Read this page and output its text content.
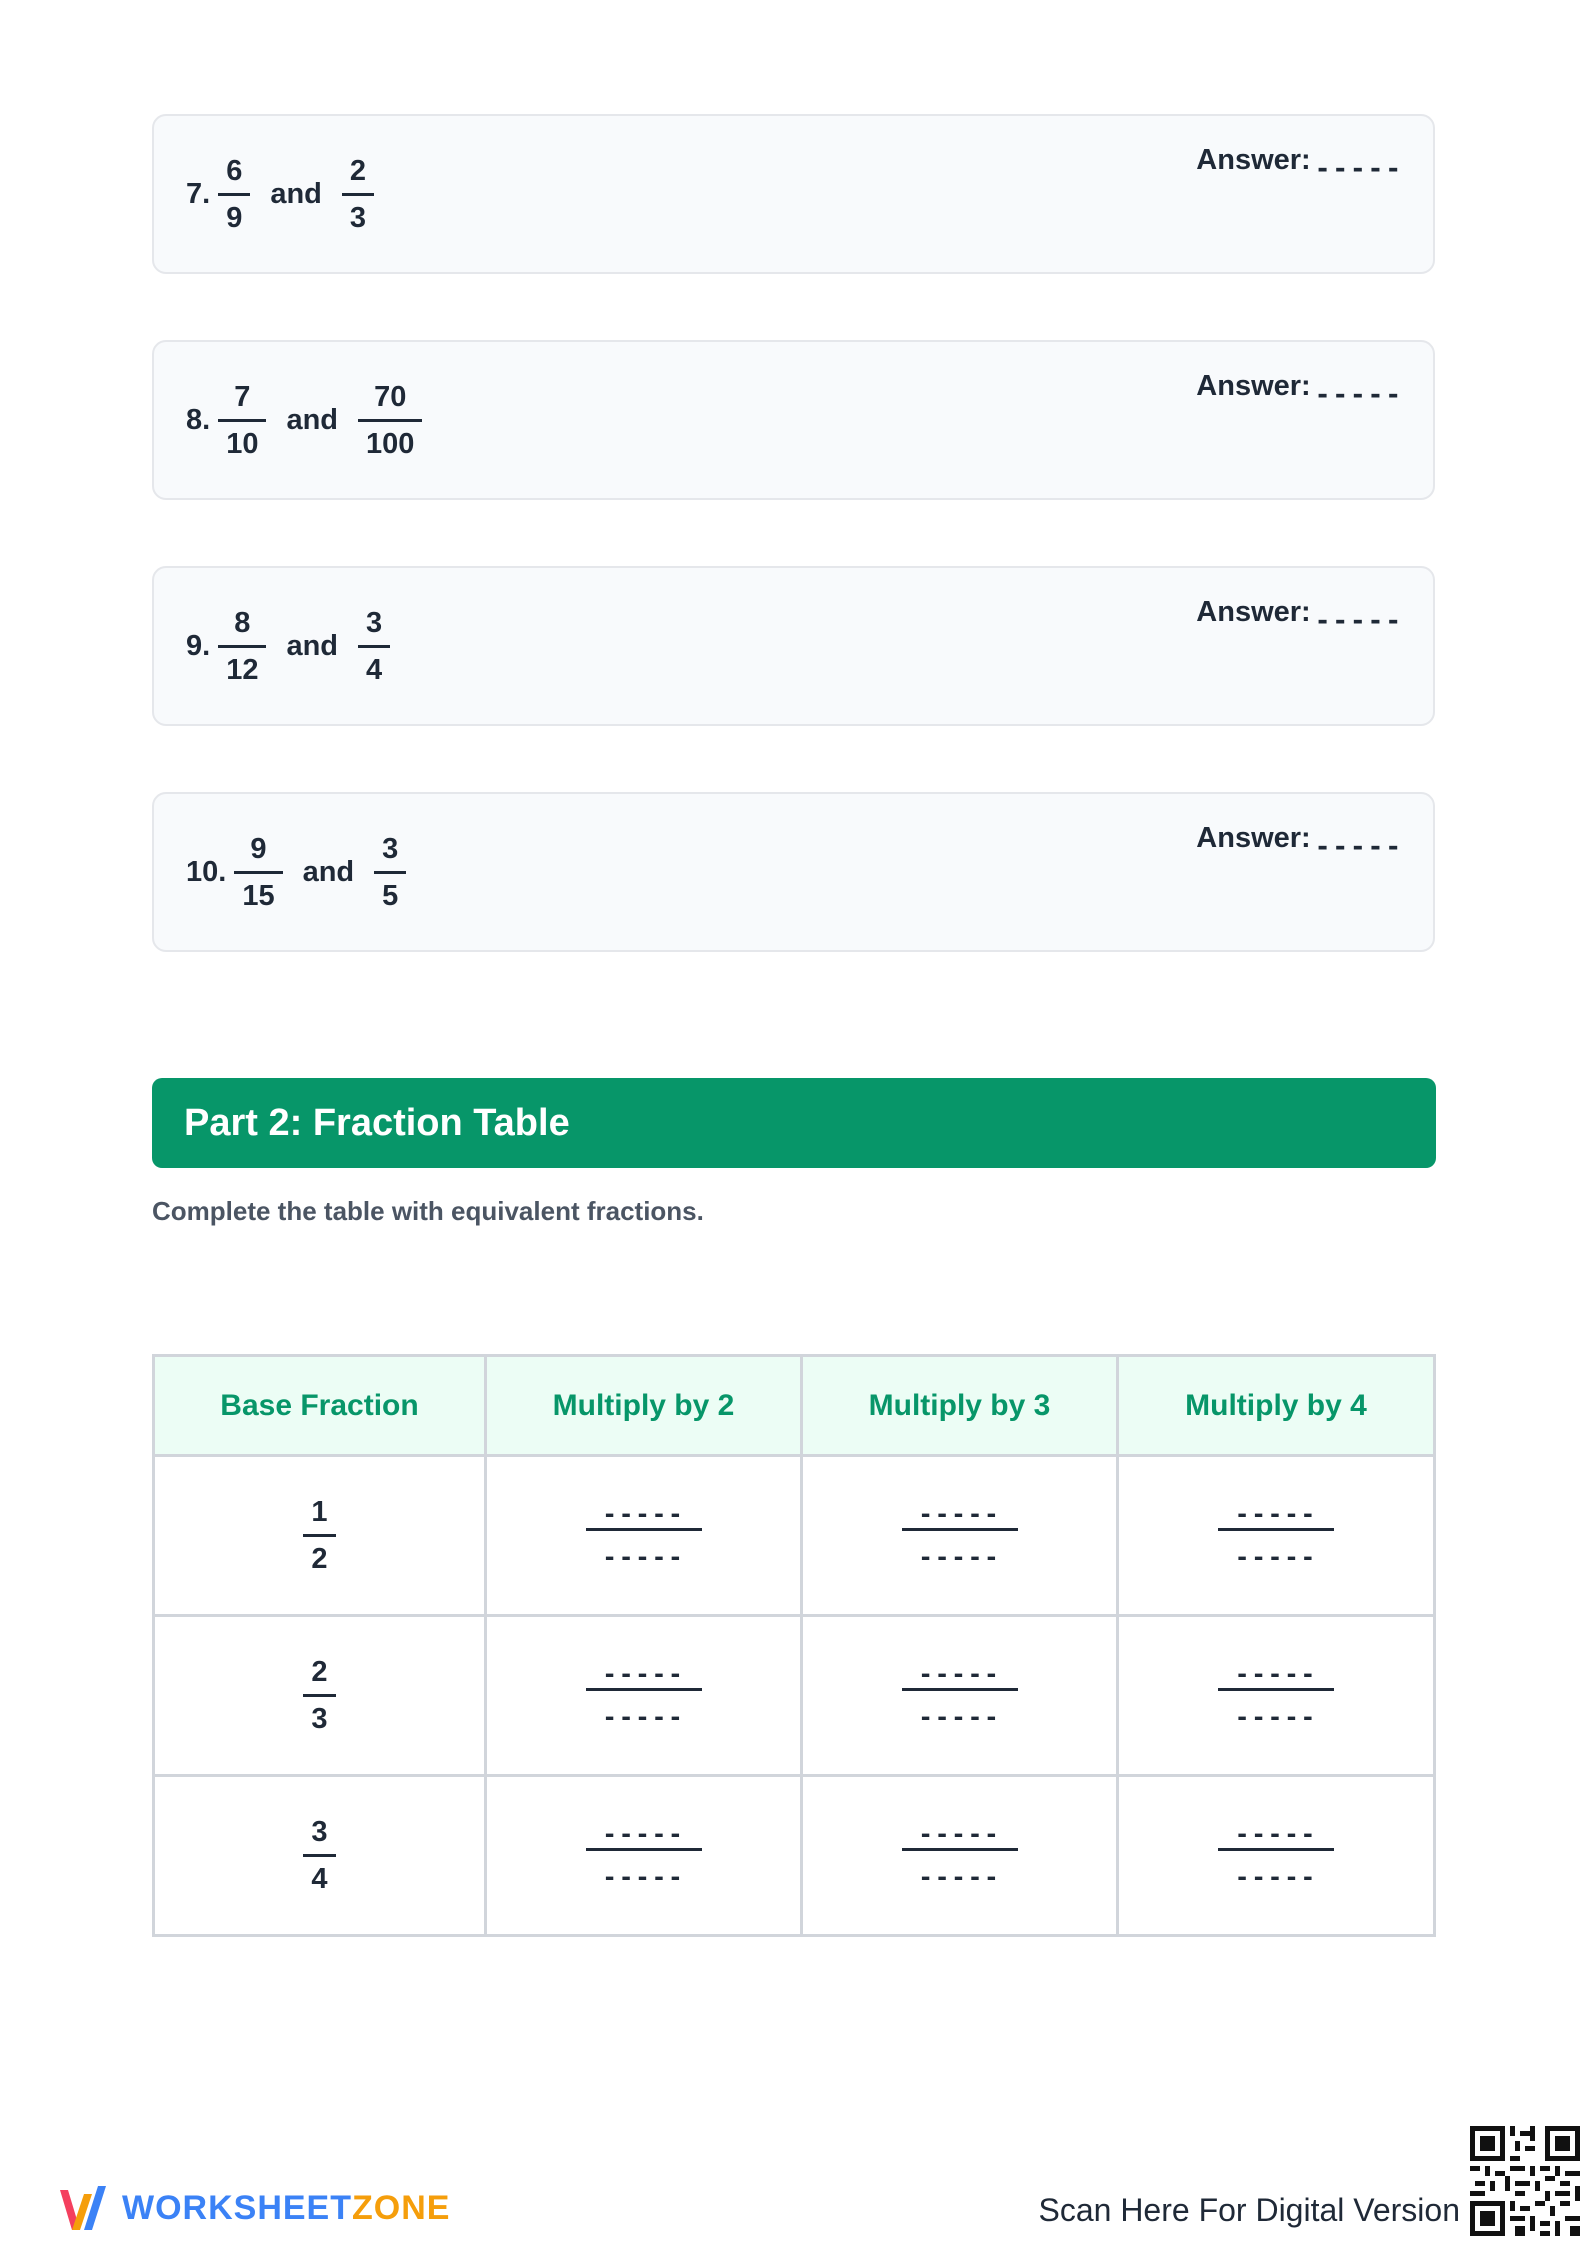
7. $\frac{6}{9}$ and $\frac{2}{3}$	Answer: -----
8. $\frac{7}{10}$ and $\frac{70}{100}$	Answer: -----
9. $\frac{8}{12}$ and $\frac{3}{4}$	Answer: -----
10. $\frac{9}{15}$ and $\frac{3}{5}$	Answer: -----
Part 2: Fraction Table
Complete the table with equivalent fractions.
Base Fraction	Multiply by 2	Multiply by 3	Multiply by 4

$\frac{1}{2}$	$\frac{-----}{-----}$	$\frac{-----}{-----}$	$\frac{-----}{-----}$

$\frac{2}{3}$	$\frac{-----}{-----}$	$\frac{-----}{-----}$	$\frac{-----}{-----}$

$\frac{3}{4}$	$\frac{-----}{-----}$	$\frac{-----}{-----}$	$\frac{-----}{-----}$
WORKSHEETZONE	Scan Here For Digital Version
